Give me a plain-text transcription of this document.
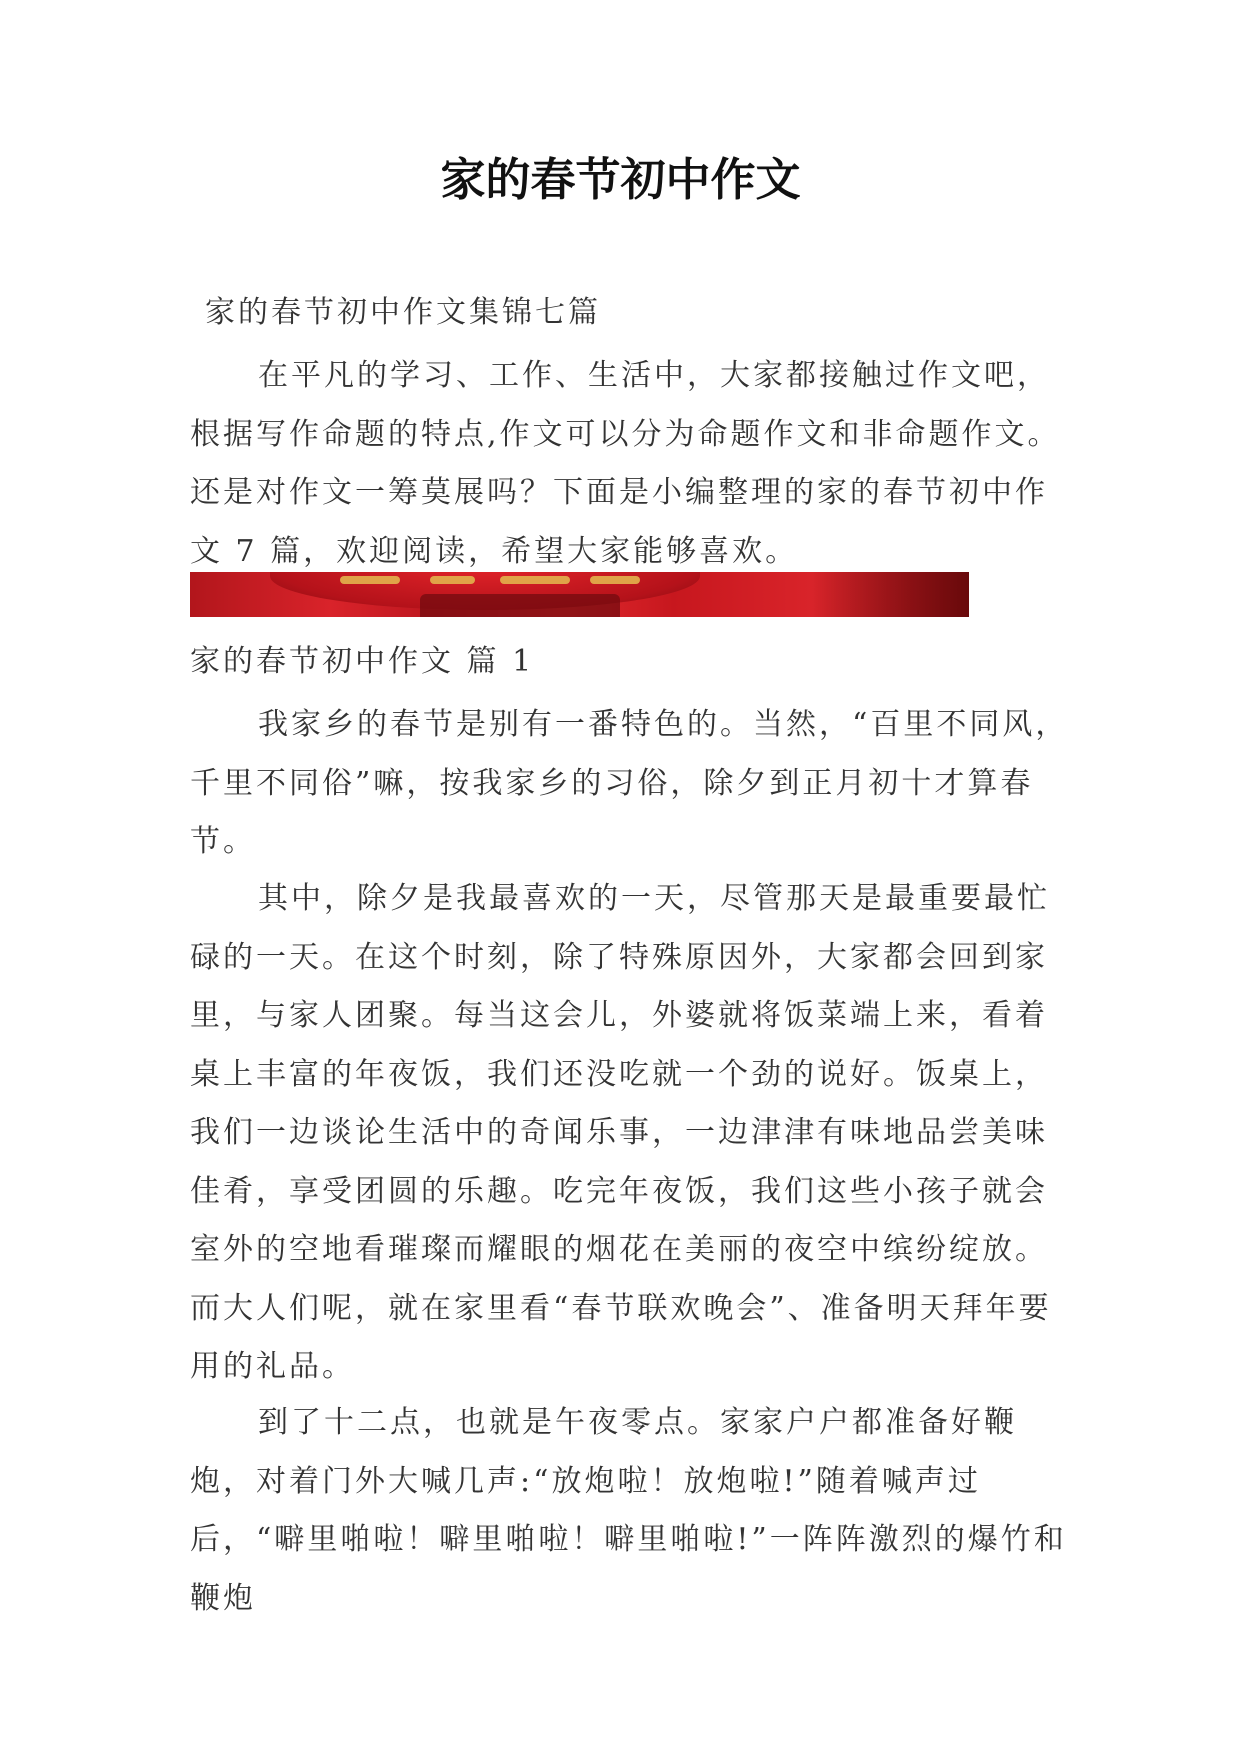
家的春节初中作文

家的春节初中作文集锦七篇

在平凡的学习、工作、生活中，大家都接触过作文吧，根据写作命题的特点,作文可以分为命题作文和非命题作文。还是对作文一筹莫展吗？下面是小编整理的家的春节初中作文 7 篇，欢迎阅读，希望大家能够喜欢。

家的春节初中作文 篇 1

我家乡的春节是别有一番特色的。当然，“百里不同风，千里不同俗”嘛，按我家乡的习俗，除夕到正月初十才算春节。

其中，除夕是我最喜欢的一天，尽管那天是最重要最忙碌的一天。在这个时刻，除了特殊原因外，大家都会回到家里，与家人团聚。每当这会儿，外婆就将饭菜端上来，看着桌上丰富的年夜饭，我们还没吃就一个劲的说好。饭桌上，我们一边谈论生活中的奇闻乐事，一边津津有味地品尝美味佳肴，享受团圆的乐趣。吃完年夜饭，我们这些小孩子就会室外的空地看璀璨而耀眼的烟花在美丽的夜空中缤纷绽放。而大人们呢，就在家里看“春节联欢晚会”、准备明天拜年要用的礼品。

到了十二点，也就是午夜零点。家家户户都准备好鞭炮，对着门外大喊几声:“放炮啦！放炮啦!”随着喊声过后，“噼里啪啦！噼里啪啦！噼里啪啦!”一阵阵激烈的爆竹和鞭炮
